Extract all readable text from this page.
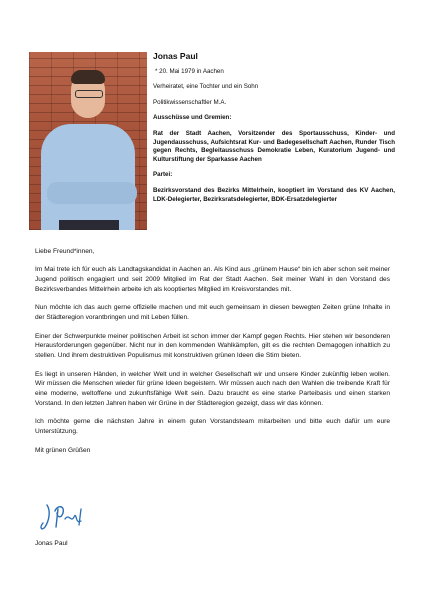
Jonas Paul

* 20. Mai 1979 in Aachen

Verheiratet, eine Tochter und ein Sohn

Politikwissenschaftler M.A.

Ausschüsse und Gremien:

Rat der Stadt Aachen, Vorsitzender des Sportausschuss, Kinder- und Jugendausschuss, Aufsichtsrat Kur- und Badegesellschaft Aachen, Runder Tisch gegen Rechts, Begleitausschuss Demokratie Leben, Kuratorium Jugend- und Kulturstiftung der Sparkasse Aachen

Partei:

Bezirksvorstand des Bezirks Mittelrhein, kooptiert im Vorstand des KV Aachen, LDK-Delegierter, Bezirksratsdelegierter, BDK-Ersatzdelegierter

Liebe Freund*innen,

Im Mai trete ich für euch als Landtagskandidat in Aachen an. Als Kind aus „grünem Hause“ bin ich aber schon seit meiner Jugend politisch engagiert und seit 2009 Mitglied im Rat der Stadt Aachen. Seit meiner Wahl in den Vorstand des Bezirksverbandes Mittelrhein arbeite ich als kooptiertes Mitglied im Kreisvorstandes mit.

Nun möchte ich das auch gerne offizielle machen und mit euch gemeinsam in diesen bewegten Zeiten grüne Inhalte in der Städteregion vorantbringen und mit Leben füllen.

Einer der Schwerpunkte meiner politischen Arbeit ist schon immer der Kampf gegen Rechts. Hier stehen wir besonderen Herausforderungen gegenüber. Nicht nur in den kommenden Wahlkämpfen, gilt es die rechten Demagogen inhaltlich zu stellen. Und ihrem destruktiven Populismus mit konstruktiven grünen Ideen die Stirn bieten.

Es liegt in unseren Händen, in welcher Welt und in welcher Gesellschaft wir und unsere Kinder zukünftig leben wollen. Wir müssen die Menschen wieder für grüne Ideen begeistern. Wir müssen auch nach den Wahlen die treibende Kraft für eine moderne, weltoffene und zukunftsfähige Welt sein. Dazu braucht es eine starke Parteibasis und einen starken Vorstand. In den letzten Jahren haben wir Grüne in der Städteregion gezeigt, dass wir das können.

Ich möchte gerne die nächsten Jahre in einem guten Vorstandsteam mitarbeiten und bitte euch dafür um eure Unterstützung.

Mit grünen Grüßen

Jonas Paul
